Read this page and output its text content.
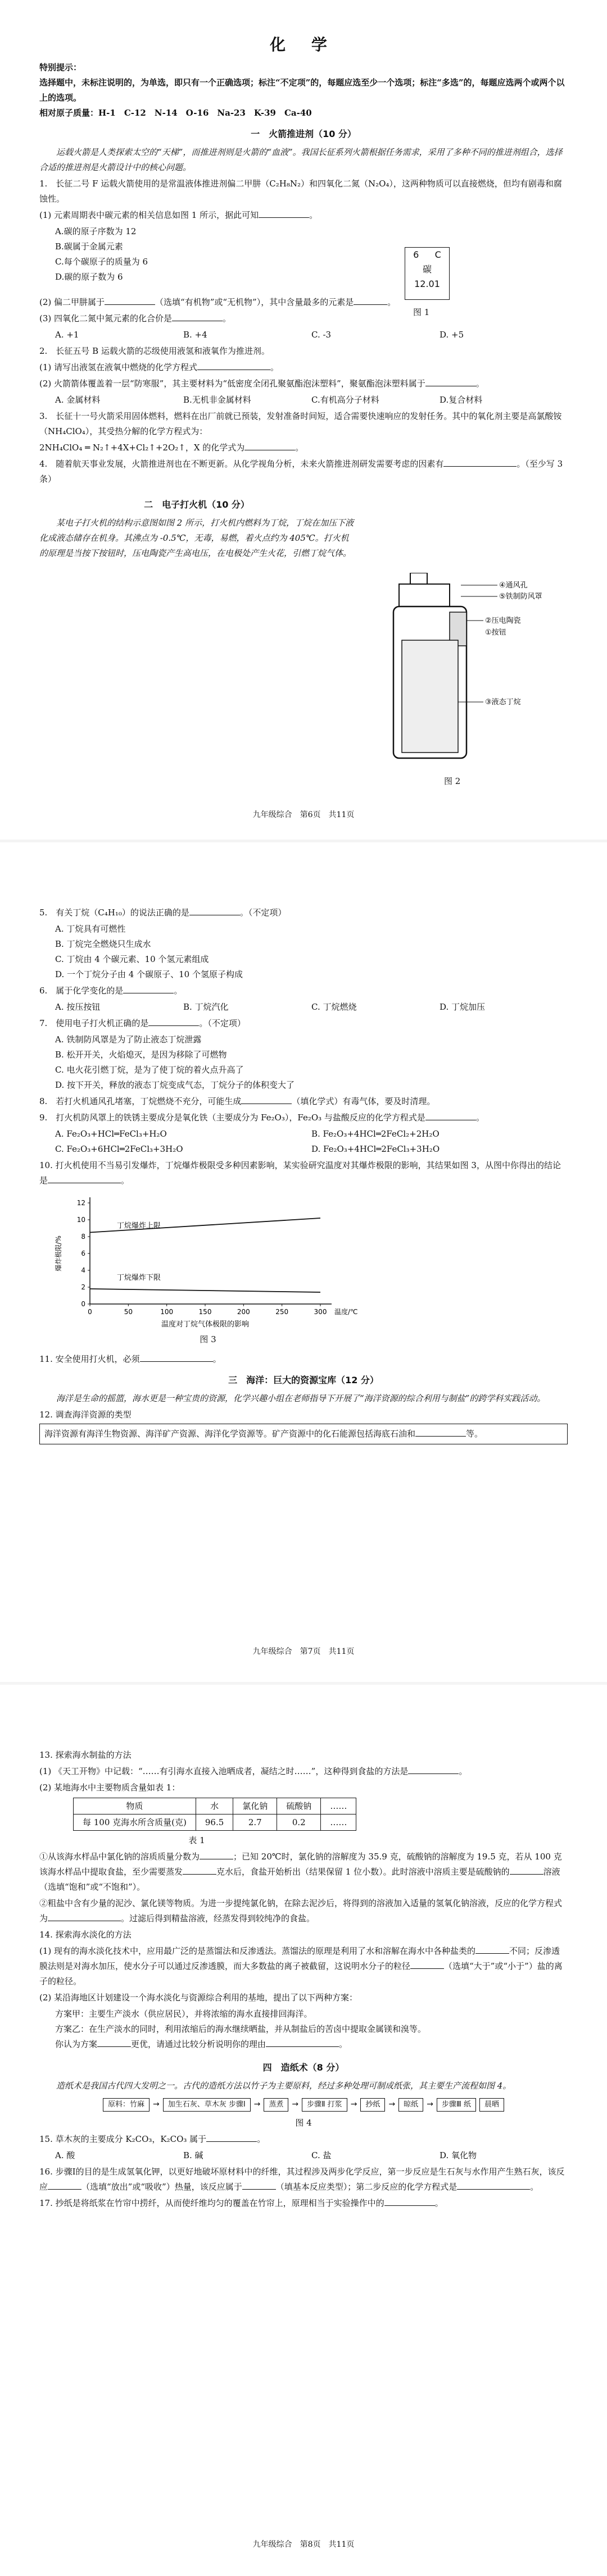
化 学
特别提示：
选择题中，未标注说明的，为单选，即只有一个正确选项；标注“不定项”的，每题应选至少一个选项；标注“多选”的，每题应选两个或两个以上的选项。
相对原子质量：H-1　C-12　N-14　O-16　Na-23　K-39　Ca-40
一　火箭推进剂（10 分）
运载火箭是人类探索太空的“天梯”，而推进剂则是火箭的“血液”。我国长征系列火箭根据任务需求，采用了多种不同的推进剂组合，选择合适的推进剂是火箭设计中的核心问题。
1.　长征二号 F 运载火箭使用的是常温液体推进剂偏二甲肼（C₂H₈N₂）和四氧化二氮（N₂O₄），这两种物质可以直接燃烧，但均有剧毒和腐蚀性。
(1) 元素周期表中碳元素的相关信息如图 1 所示，据此可知	。
A.碳的原子序数为 12
B.碳属于金属元素
C.每个碳原子的质量为 6
D.碳的原子数为 6
(2) 偏二甲肼属于	（选填“有机物”或“无机物”），其中含量最多的元素是	。
(3) 四氧化二氮中氮元素的化合价是	。
A. +1	B. +4	C. -3	D. +5
2.　长征五号 B 运载火箭的芯级使用液氢和液氧作为推进剂。
(1) 请写出液氢在液氧中燃烧的化学方程式	。
(2) 火箭箭体覆盖着一层“防寒服”，其主要材料为“低密度全闭孔聚氨酯泡沫塑料”，聚氨酯泡沫塑料属于	。
A. 金属材料	B.无机非金属材料	C.有机高分子材料	D.复合材料
3.　长征十一号火箭采用固体燃料，燃料在出厂前就已预装，发射准备时间短，适合需要快速响应的发射任务。其中的氧化剂主要是高氯酸铵（NH₄ClO₄），其受热分解的化学方程式为：
2NH₄ClO₄ ═ N₂↑+4X+Cl₂↑+2O₂↑，X 的化学式为	。
4.　随着航天事业发展，火箭推进剂也在不断更新。从化学视角分析，未来火箭推进剂研发需要考虑的因素有	。（至少写 3 条）
二　电子打火机（10 分）
某电子打火机的结构示意图如图 2 所示，打火机内燃料为丁烷，丁烷在加压下液化成液态储存在机身。其沸点为 -0.5℃，无毒，易燃，着火点约为 405℃。打火机的原理是当按下按钮时，压电陶瓷产生高电压，在电极处产生火花，引燃丁烷气体。
6 C
碳
12.01
图 1
④通风孔
⑤铁制防风罩
②压电陶瓷
①按钮
③液态丁烷
图 2
九年级综合　第6页　共11页
5.　有关丁烷（C₄H₁₀）的说法正确的是	。（不定项）
A. 丁烷具有可燃性
B. 丁烷完全燃烧只生成水
C. 丁烷由 4 个碳元素、10 个氢元素组成
D. 一个丁烷分子由 4 个碳原子、10 个氢原子构成
6.　属于化学变化的是	。
A. 按压按钮	B. 丁烷汽化	C. 丁烷燃烧	D. 丁烷加压
7.　使用电子打火机正确的是	。（不定项）
A. 铁制防风罩是为了防止液态丁烷泄露
B. 松开开关，火焰熄灭，是因为移除了可燃物
C. 电火花引燃丁烷，是为了使丁烷的着火点升高了
D. 按下开关，释放的液态丁烷变成气态，丁烷分子的体积变大了
8.　若打火机通风孔堵塞，丁烷燃烧不充分，可能生成	（填化学式）有毒气体，要及时清理。
9.　打火机防风罩上的铁锈主要成分是氧化铁（主要成分为 Fe₂O₃），Fe₂O₃ 与盐酸反应的化学方程式是	。
A. Fe₂O₃+HCl═FeCl₃+H₂O	B. Fe₂O₃+4HCl═2FeCl₂+2H₂O
C. Fe₂O₃+6HCl═2FeCl₃+3H₂O	D. Fe₂O₃+4HCl═2FeCl₃+3H₂O
10. 打火机使用不当易引发爆炸，丁烷爆炸极限受多种因素影响，某实验研究温度对其爆炸极限的影响，其结果如图 3，从图中你得出的结论是	。
0	50	100	150	200	250	300
0
2
4
6
8
10
12
温度/℃
爆炸极限/%
温度对丁烷气体极限的影响
丁烷爆炸上限
丁烷爆炸下限
图 3
11. 安全使用打火机，必须	。
三　海洋：巨大的资源宝库（12 分）
海洋是生命的摇篮，海水更是一种宝贵的资源，化学兴趣小组在老师指导下开展了“海洋资源的综合利用与制盐”的跨学科实践活动。
12. 调查海洋资源的类型
海洋资源有海洋生物资源、海洋矿产资源、海洋化学资源等。矿产资源中的化石能源包括海底石油和	等。
九年级综合　第7页　共11页
13. 探索海水制盐的方法
(1) 《天工开物》中记载：“……有引海水直接入池晒成者，凝结之时……”，这种得到食盐的方法是	。
(2) 某地海水中主要物质含量如表 1：
物质	水	氯化钠	硫酸钠	……
每 100 克海水所含质量(克)	96.5	2.7	0.2	……
表 1
①从该海水样品中氯化钠的溶质质量分数为	；已知 20℃时，氯化钠的溶解度为 35.9 克，硫酸钠的溶解度为 19.5 克，若从 100 克该海水样品中提取食盐，至少需要蒸发	克水后，食盐开始析出（结果保留 1 位小数）。此时溶液中溶质主要是硫酸钠的	溶液（选填“饱和”或“不饱和”）。
②粗盐中含有少量的泥沙、氯化镁等物质。为进一步提纯氯化钠，在除去泥沙后，将得到的溶液加入适量的氢氧化钠溶液，反应的化学方程式为	。过滤后得到精盐溶液，经蒸发得到较纯净的食盐。
14. 探索海水淡化的方法
(1) 现有的海水淡化技术中，应用最广泛的是蒸馏法和反渗透法。蒸馏法的原理是利用了水和溶解在海水中各种盐类的	不同；反渗透膜法则是对海水加压，使水分子可以通过反渗透膜，而大多数盐的离子被截留，这说明水分子的粒径	（选填“大于”或“小于”）盐的离子的粒径。
(2) 某沿海地区计划建设一个海水淡化与资源综合利用的基地，提出了以下两种方案：
方案甲：主要生产淡水（供应居民），并将浓缩的海水直接排回海洋。
方案乙：在生产淡水的同时，利用浓缩后的海水继续晒盐，并从制盐后的苦卤中提取金属镁和溴等。
你认为方案	更优，请通过比较分析说明你的理由	。
四　造纸术（8 分）
造纸术是我国古代四大发明之一。古代的造纸方法以竹子为主要原料，经过多种处理可制成纸张，其主要生产流程如图 4。
原料：竹麻	→	加生石灰、草木灰 步骤Ⅰ	→	蒸煮	→	步骤Ⅱ 打浆	→	抄纸	→	晾纸	→	步骤Ⅲ 纸	晨晒
图 4
15. 草木灰的主要成分 K₂CO₃，K₂CO₃ 属于	。
A. 酸	B. 碱	C. 盐	D. 氧化物
16. 步骤Ⅰ的目的是生成氢氧化钾，以更好地破坏原材料中的纤维，其过程涉及两步化学反应，第一步反应是生石灰与水作用产生熟石灰，该反应	（选填“放出”或“吸收”）热量，该反应属于	（填基本反应类型）；第二步反应的化学方程式是	。
17. 抄纸是将纸浆在竹帘中捞纤，从而使纤维均匀的覆盖在竹帘上，原理相当于实验操作中的	。
九年级综合　第8页　共11页
